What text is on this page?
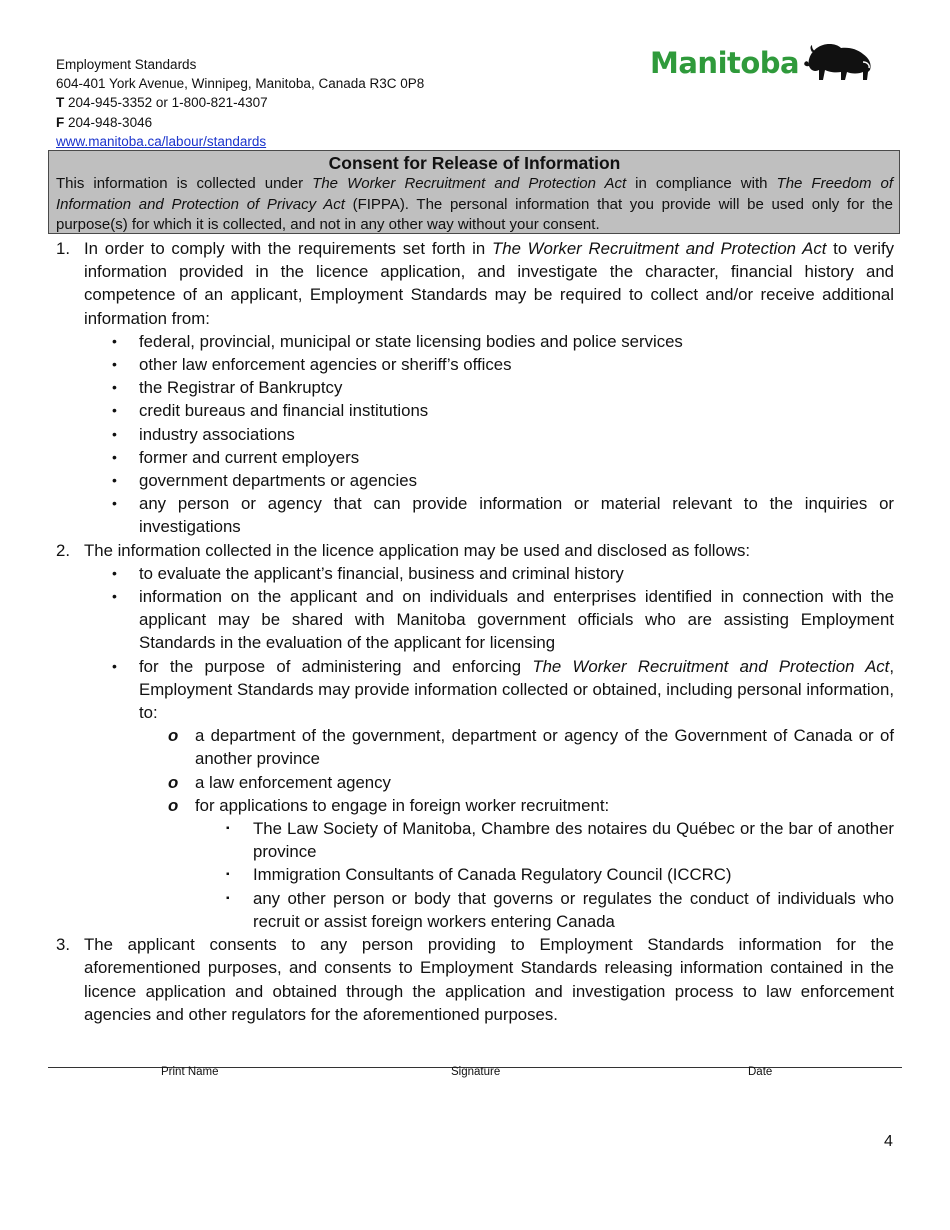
Employment Standards
604-401 York Avenue, Winnipeg, Manitoba, Canada R3C 0P8
T 204-945-3352 or 1-800-821-4307
F 204-948-3046
www.manitoba.ca/labour/standards
Manitoba
Consent for Release of Information
This information is collected under The Worker Recruitment and Protection Act in compliance with The Freedom of Information and Protection of Privacy Act (FIPPA). The personal information that you provide will be used only for the purpose(s) for which it is collected, and not in any other way without your consent.
1. In order to comply with the requirements set forth in The Worker Recruitment and Protection Act to verify information provided in the licence application, and investigate the character, financial history and competence of an applicant, Employment Standards may be required to collect and/or receive additional information from:
•	federal, provincial, municipal or state licensing bodies and police services
•	other law enforcement agencies or sheriff’s offices
•	the Registrar of Bankruptcy
•	credit bureaus and financial institutions
•	industry associations
•	former and current employers
•	government departments or agencies
•	any person or agency that can provide information or material relevant to the inquiries or investigations
2. The information collected in the licence application may be used and disclosed as follows:
•	to evaluate the applicant’s financial, business and criminal history
•	information on the applicant and on individuals and enterprises identified in connection with the applicant may be shared with Manitoba government officials who are assisting Employment Standards in the evaluation of the applicant for licensing
•	for the purpose of administering and enforcing The Worker Recruitment and Protection Act, Employment Standards may provide information collected or obtained, including personal information, to:
o a department of the government, department or agency of the Government of Canada or of another province
o a law enforcement agency
o for applications to engage in foreign worker recruitment:
▪	The Law Society of Manitoba, Chambre des notaires du Québec or the bar of another province
▪	Immigration Consultants of Canada Regulatory Council (ICCRC)
▪	any other person or body that governs or regulates the conduct of individuals who recruit or assist foreign workers entering Canada
3. The applicant consents to any person providing to Employment Standards information for the aforementioned purposes, and consents to Employment Standards releasing information contained in the licence application and obtained through the application and investigation process to law enforcement agencies and other regulators for the aforementioned purposes.
Print Name	Signature	Date
4
